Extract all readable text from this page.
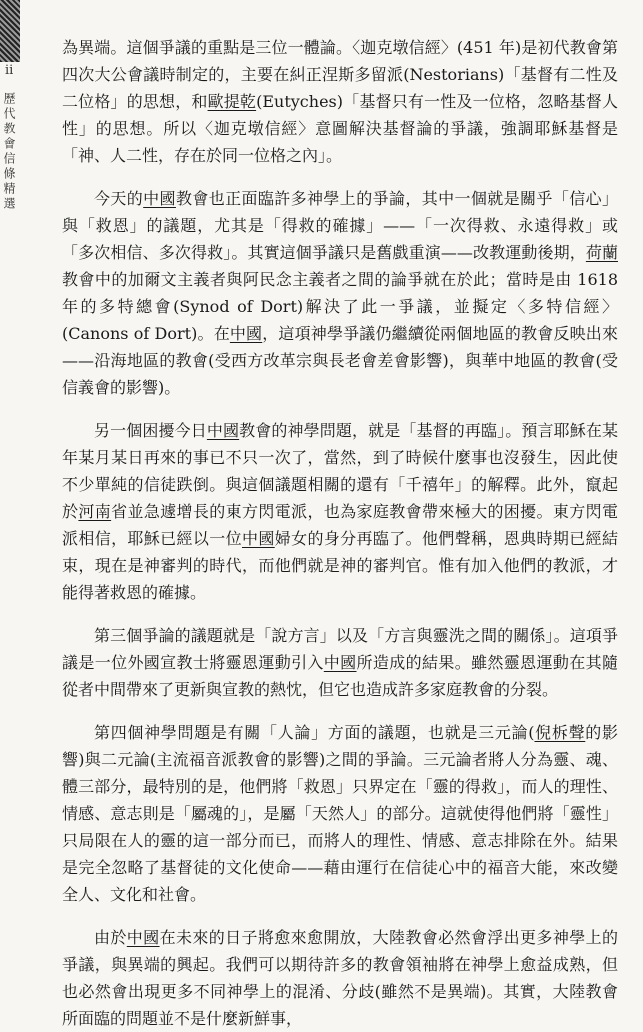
ii
歷代教會信條精選

為異端。這個爭議的重點是三位一體論。〈迦克墩信經〉(451 年)是初代教會第四次大公會議時制定的，主要在糾正涅斯多留派(Nestorians)「基督有二性及二位格」的思想，和歐提乾(Eutyches)「基督只有一性及一位格，忽略基督人性」的思想。所以〈迦克墩信經〉意圖解決基督論的爭議，強調耶穌基督是「神、人二性，存在於同一位格之內」。

今天的中國教會也正面臨許多神學上的爭論，其中一個就是關乎「信心」與「救恩」的議題，尤其是「得救的確據」——「一次得救、永遠得救」或「多次相信、多次得救」。其實這個爭議只是舊戲重演——改教運動後期，荷蘭教會中的加爾文主義者與阿民念主義者之間的論爭就在於此；當時是由 1618 年的多特總會(Synod of Dort)解決了此一爭議，並擬定〈多特信經〉(Canons of Dort)。在中國，這項神學爭議仍繼續從兩個地區的教會反映出來——沿海地區的教會(受西方改革宗與長老會差會影響)，與華中地區的教會(受信義會的影響)。

另一個困擾今日中國教會的神學問題，就是「基督的再臨」。預言耶穌在某年某月某日再來的事已不只一次了，當然，到了時候什麼事也沒發生，因此使不少單純的信徒跌倒。與這個議題相關的還有「千禧年」的解釋。此外，竄起於河南省並急遽增長的東方閃電派，也為家庭教會帶來極大的困擾。東方閃電派相信，耶穌已經以一位中國婦女的身分再臨了。他們聲稱，恩典時期已經結束，現在是神審判的時代，而他們就是神的審判官。惟有加入他們的教派，才能得著救恩的確據。

第三個爭論的議題就是「說方言」以及「方言與靈洗之間的關係」。這項爭議是一位外國宣教士將靈恩運動引入中國所造成的結果。雖然靈恩運動在其隨從者中間帶來了更新與宣教的熱忱，但它也造成許多家庭教會的分裂。

第四個神學問題是有關「人論」方面的議題，也就是三元論(倪柝聲的影響)與二元論(主流福音派教會的影響)之間的爭論。三元論者將人分為靈、魂、體三部分，最特別的是，他們將「救恩」只界定在「靈的得救」，而人的理性、情感、意志則是「屬魂的」，是屬「天然人」的部分。這就使得他們將「靈性」只局限在人的靈的這一部分而已，而將人的理性、情感、意志排除在外。結果是完全忽略了基督徒的文化使命——藉由運行在信徒心中的福音大能，來改變全人、文化和社會。

由於中國在未來的日子將愈來愈開放，大陸教會必然會浮出更多神學上的爭議，與異端的興起。我們可以期待許多的教會領袖將在神學上愈益成熟，但也必然會出現更多不同神學上的混淆、分歧(雖然不是異端)。其實，大陸教會所面臨的問題並不是什麼新鮮事，
